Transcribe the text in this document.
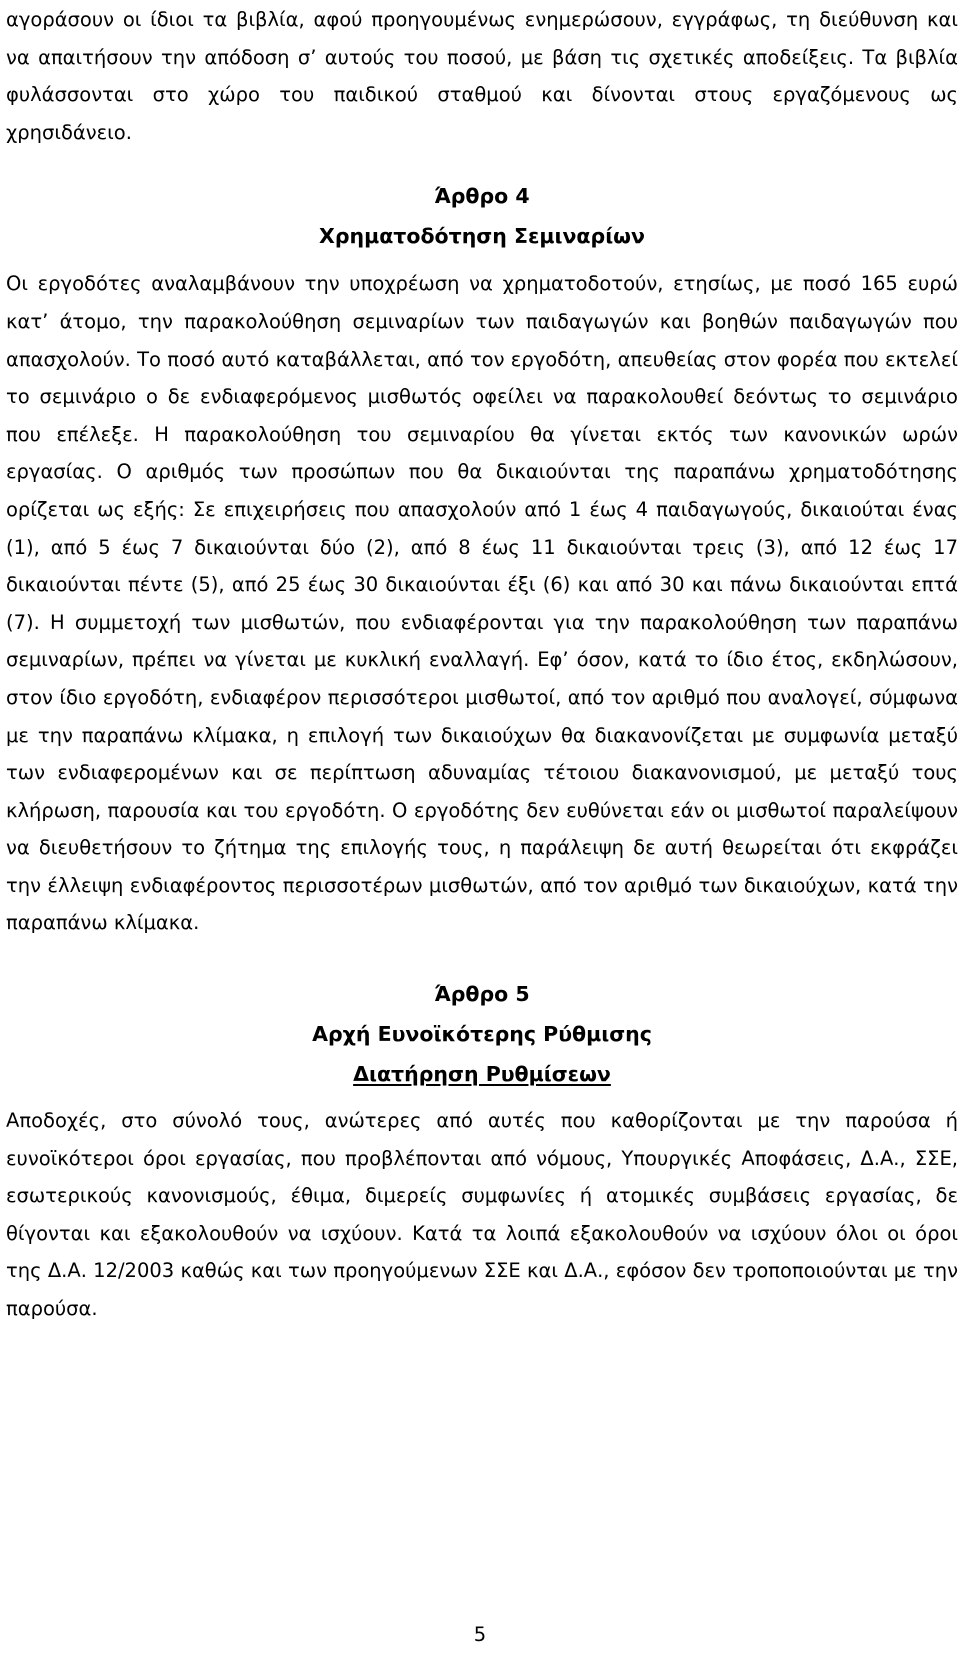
αγοράσουν οι ίδιοι τα βιβλία, αφού προηγουμένως ενημερώσουν, εγγράφως, τη διεύθυνση και να απαιτήσουν την απόδοση σ’ αυτούς του ποσού, με βάση τις σχετικές αποδείξεις. Τα βιβλία φυλάσσονται στο χώρο του παιδικού σταθμού και δίνονται στους εργαζόμενους ως χρησιδάνειο.

Άρθρο 4
Χρηματοδότηση Σεμιναρίων

Οι εργοδότες αναλαμβάνουν την υποχρέωση να χρηματοδοτούν, ετησίως, με ποσό 165 ευρώ κατ’ άτομο, την παρακολούθηση σεμιναρίων των παιδαγωγών και βοηθών παιδαγωγών που απασχολούν. Το ποσό αυτό καταβάλλεται, από τον εργοδότη, απευθείας στον φορέα που εκτελεί το σεμινάριο ο δε ενδιαφερόμενος μισθωτός οφείλει να παρακολουθεί δεόντως το σεμινάριο που επέλεξε. Η παρακολούθηση του σεμιναρίου θα γίνεται εκτός των κανονικών ωρών εργασίας. Ο αριθμός των προσώπων που θα δικαιούνται της παραπάνω χρηματοδότησης ορίζεται ως εξής: Σε επιχειρήσεις που απασχολούν από 1 έως 4 παιδαγωγούς, δικαιούται ένας (1), από 5 έως 7 δικαιούνται δύο (2), από 8 έως 11 δικαιούνται τρεις (3), από 12 έως 17 δικαιούνται πέντε (5), από 25 έως 30 δικαιούνται έξι (6) και από 30 και πάνω δικαιούνται επτά (7). Η συμμετοχή των μισθωτών, που ενδιαφέρονται για την παρακολούθηση των παραπάνω σεμιναρίων, πρέπει να γίνεται με κυκλική εναλλαγή. Εφ’ όσον, κατά το ίδιο έτος, εκδηλώσουν, στον ίδιο εργοδότη, ενδιαφέρον περισσότεροι μισθωτοί, από τον αριθμό που αναλογεί, σύμφωνα με την παραπάνω κλίμακα, η επιλογή των δικαιούχων θα διακανονίζεται με συμφωνία μεταξύ των ενδιαφερομένων και σε περίπτωση αδυναμίας τέτοιου διακανονισμού, με μεταξύ τους κλήρωση, παρουσία και του εργοδότη. Ο εργοδότης δεν ευθύνεται εάν οι μισθωτοί παραλείψουν να διευθετήσουν το ζήτημα της επιλογής τους, η παράλειψη δε αυτή θεωρείται ότι εκφράζει την έλλειψη ενδιαφέροντος περισσοτέρων μισθωτών, από τον αριθμό των δικαιούχων, κατά την παραπάνω κλίμακα.

Άρθρο 5
Αρχή Ευνοϊκότερης Ρύθμισης
Διατήρηση Ρυθμίσεων

Αποδοχές, στο σύνολό τους, ανώτερες από αυτές που καθορίζονται με την παρούσα ή ευνοϊκότεροι όροι εργασίας, που προβλέπονται από νόμους, Υπουργικές Αποφάσεις, Δ.Α., ΣΣΕ, εσωτερικούς κανονισμούς, έθιμα, διμερείς συμφωνίες ή ατομικές συμβάσεις εργασίας, δε θίγονται και εξακολουθούν να ισχύουν. Κατά τα λοιπά εξακολουθούν να ισχύουν όλοι οι όροι της Δ.Α. 12/2003 καθώς και των προηγούμενων ΣΣΕ και Δ.Α., εφόσον δεν τροποποιούνται με την παρούσα.

5
